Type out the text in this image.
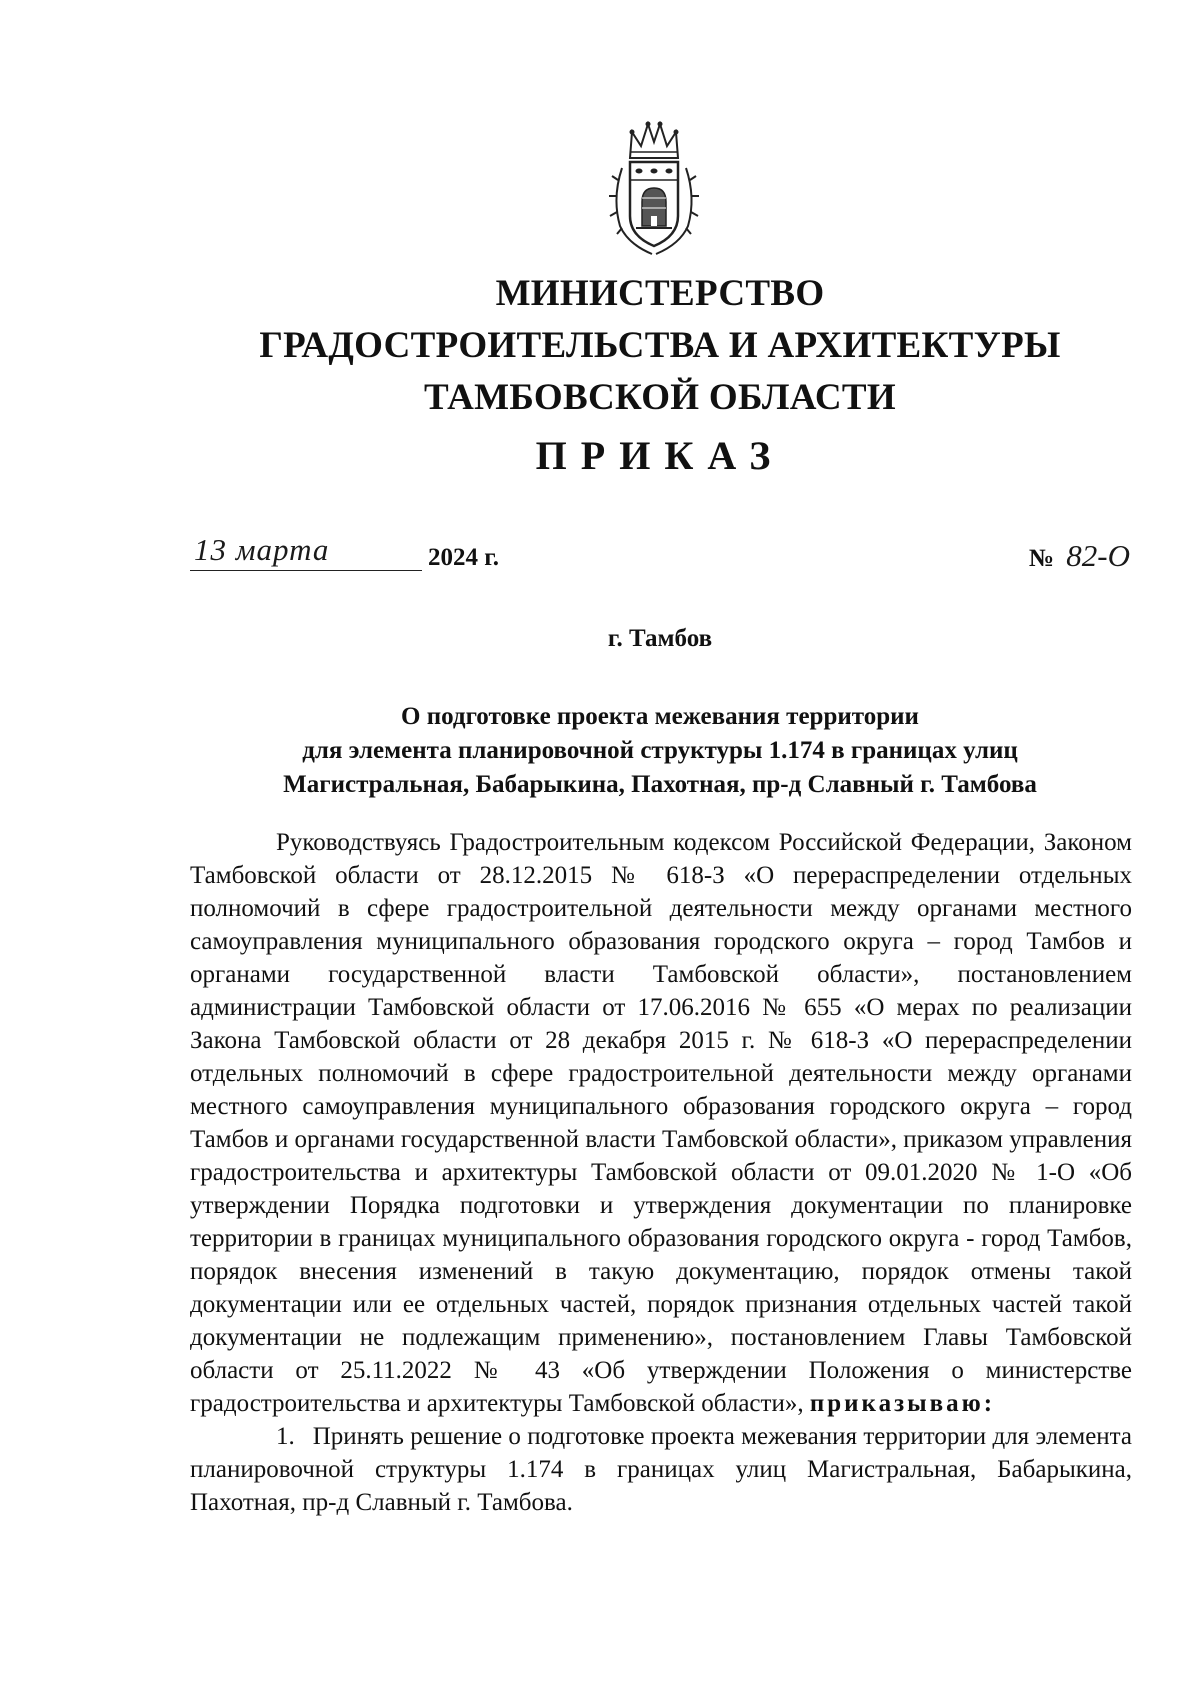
МИНИСТЕРСТВО
ГРАДОСТРОИТЕЛЬСТВА И АРХИТЕКТУРЫ
ТАМБОВСКОЙ ОБЛАСТИ
ПРИКАЗ
13 марта	2024 г.	№ 82-О
г. Тамбов
О подготовке проекта межевания территории
для элемента планировочной структуры 1.174 в границах улиц
Магистральная, Бабарыкина, Пахотная, пр-д Славный г. Тамбова

Руководствуясь Градостроительным кодексом Российской Федерации, Законом Тамбовской области от 28.12.2015 № 618-З «О перераспределении отдельных полномочий в сфере градостроительной деятельности между органами местного самоуправления муниципального образования городского округа – город Тамбов и органами государственной власти Тамбовской области», постановлением администрации Тамбовской области от 17.06.2016 № 655 «О мерах по реализации Закона Тамбовской области от 28 декабря 2015 г. № 618-З «О перераспределении отдельных полномочий в сфере градостроительной деятельности между органами местного самоуправления муниципального образования городского округа – город Тамбов и органами государственной власти Тамбовской области», приказом управления градостроительства и архитектуры Тамбовской области от 09.01.2020 № 1-О «Об утверждении Порядка подготовки и утверждения документации по планировке территории в границах муниципального образования городского округа - город Тамбов, порядок внесения изменений в такую документацию, порядок отмены такой документации или ее отдельных частей, порядок признания отдельных частей такой документации не подлежащим применению», постановлением Главы Тамбовской области от 25.11.2022 № 43 «Об утверждении Положения о министерстве градостроительства и архитектуры Тамбовской области», приказываю:

1. Принять решение о подготовке проекта межевания территории для элемента планировочной структуры 1.174 в границах улиц Магистральная, Бабарыкина, Пахотная, пр-д Славный г. Тамбова.
